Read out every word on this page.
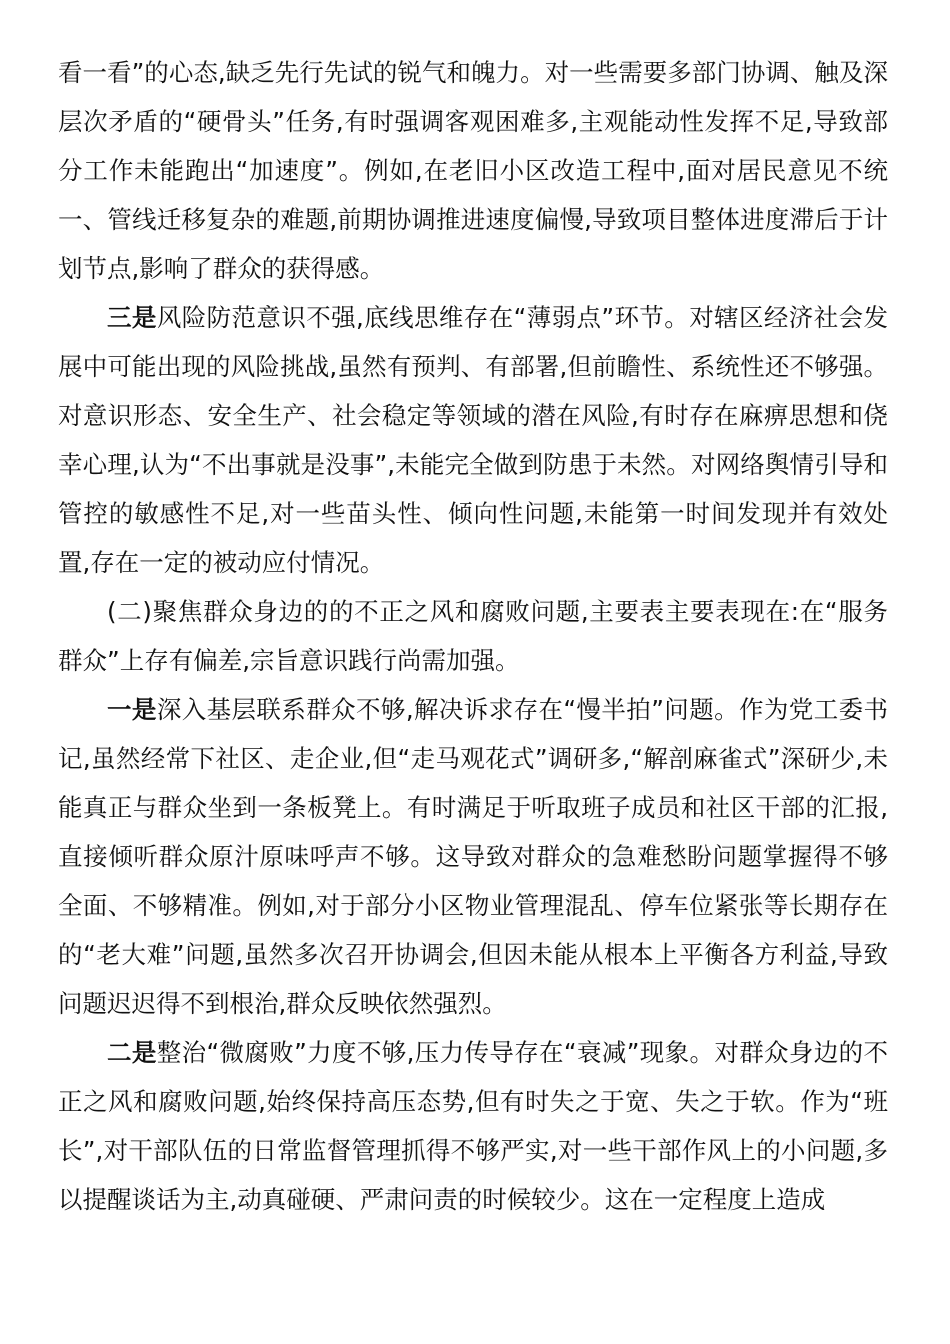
看一看”的心态,缺乏先行先试的锐气和魄力。对一些需要多部门协调、触及深层次矛盾的“硬骨头”任务,有时强调客观困难多,主观能动性发挥不足,导致部分工作未能跑出“加速度”。例如,在老旧小区改造工程中,面对居民意见不统一、管线迁移复杂的难题,前期协调推进速度偏慢,导致项目整体进度滞后于计划节点,影响了群众的获得感。

三是风险防范意识不强,底线思维存在“薄弱点”环节。对辖区经济社会发展中可能出现的风险挑战,虽然有预判、有部署,但前瞻性、系统性还不够强。对意识形态、安全生产、社会稳定等领域的潜在风险,有时存在麻痹思想和侥幸心理,认为“不出事就是没事”,未能完全做到防患于未然。对网络舆情引导和管控的敏感性不足,对一些苗头性、倾向性问题,未能第一时间发现并有效处置,存在一定的被动应付情况。

(二)聚焦群众身边的的不正之风和腐败问题,主要表主要表现在:在“服务群众”上存有偏差,宗旨意识践行尚需加强。

一是深入基层联系群众不够,解决诉求存在“慢半拍”问题。作为党工委书记,虽然经常下社区、走企业,但“走马观花式”调研多,“解剖麻雀式”深研少,未能真正与群众坐到一条板凳上。有时满足于听取班子成员和社区干部的汇报,直接倾听群众原汁原味呼声不够。这导致对群众的急难愁盼问题掌握得不够全面、不够精准。例如,对于部分小区物业管理混乱、停车位紧张等长期存在的“老大难”问题,虽然多次召开协调会,但因未能从根本上平衡各方利益,导致问题迟迟得不到根治,群众反映依然强烈。

二是整治“微腐败”力度不够,压力传导存在“衰减”现象。对群众身边的不正之风和腐败问题,始终保持高压态势,但有时失之于宽、失之于软。作为“班长”,对干部队伍的日常监督管理抓得不够严实,对一些干部作风上的小问题,多以提醒谈话为主,动真碰硬、严肃问责的时候较少。这在一定程度上造成
